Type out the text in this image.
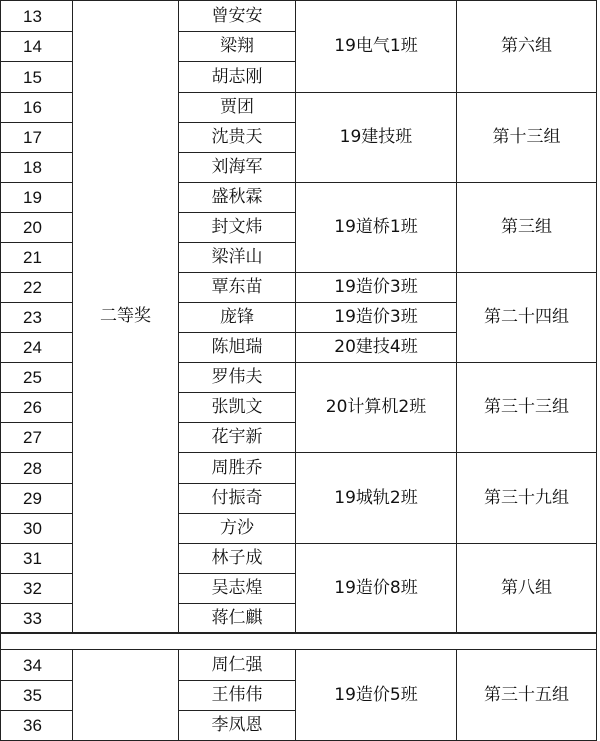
13	二等奖	曾安安	19电气1班	第六组
14		梁翔		
15		胡志刚		
16		贾团	19建技班	第十三组
17		沈贵天		
18		刘海军		
19		盛秋霖	19道桥1班	第三组
20		封文炜		
21		梁洋山		
22		覃东苗	19造价3班	第二十四组
23		庞锋	19造价3班	
24		陈旭瑞	20建技4班	
25		罗伟夫	20计算机2班	第三十三组
26		张凯文		
27		花宇新		
28		周胜乔	19城轨2班	第三十九组
29		付振奇		
30		方沙		
31		林子成	19造价8班	第八组
32		吴志煌		
33		蒋仁麒		
34		周仁强	19造价5班	第三十五组
35		王伟伟		
36		李凤恩		
